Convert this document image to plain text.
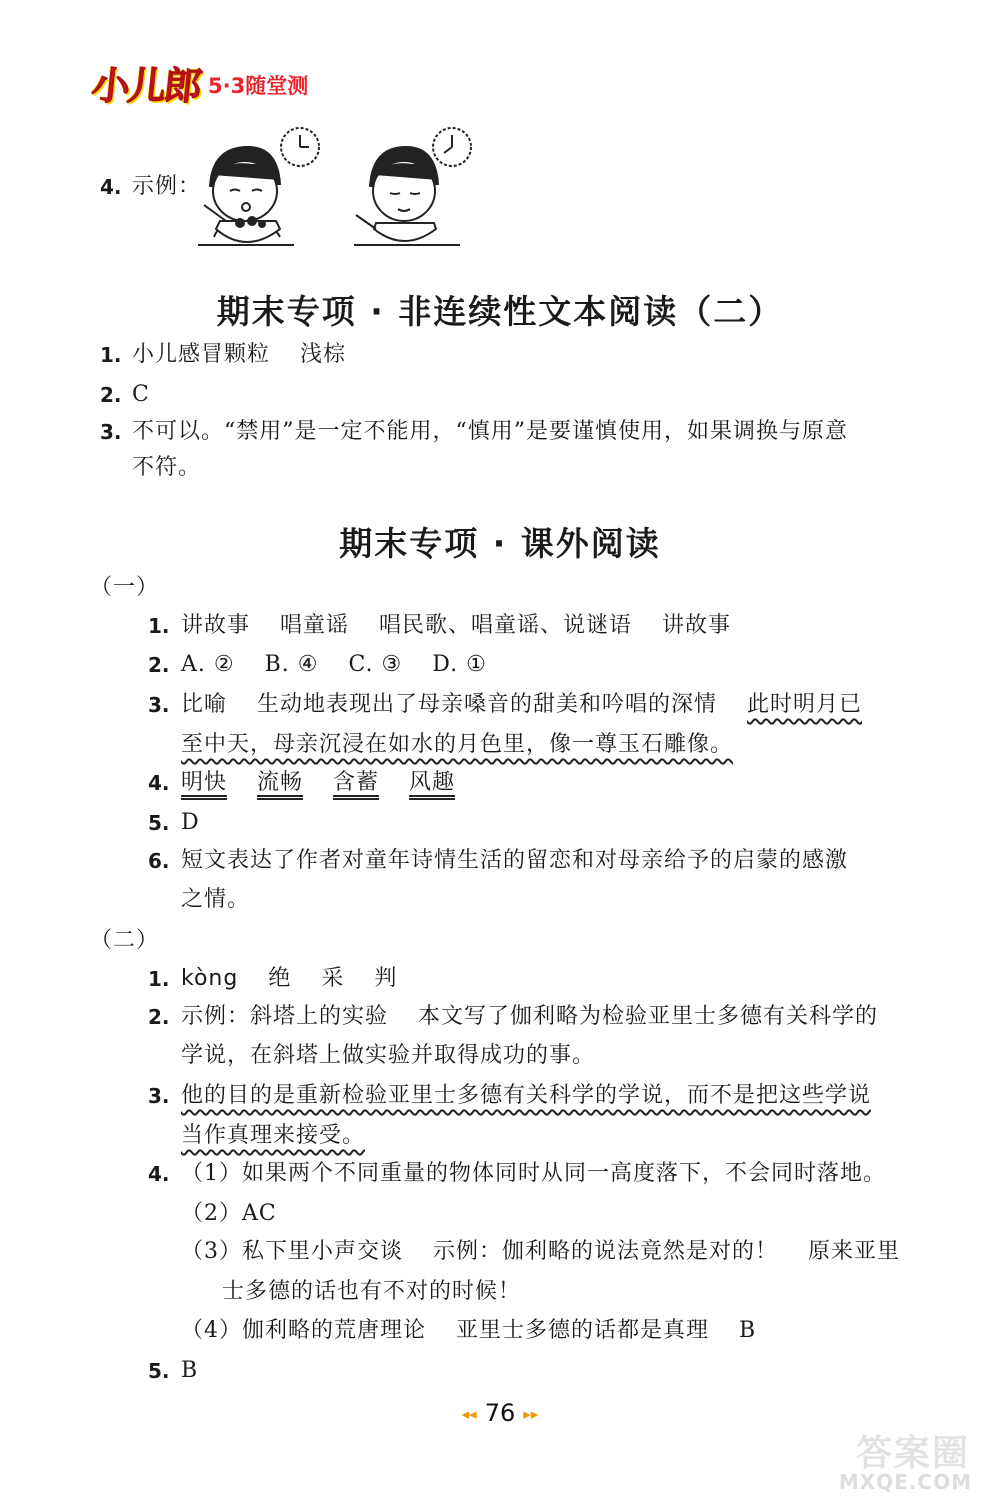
小儿郎 5·3随堂测
4. 示例：
期末专项 · 非连续性文本阅读（二）
1. 小儿感冒颗粒 浅棕
2. C
3. 不可以。“禁用”是一定不能用，“慎用”是要谨慎使用，如果调换与原意
不符。
期末专项 · 课外阅读
（一）
1. 讲故事 唱童谣 唱民歌、唱童谣、说谜语 讲故事
2. A. ② B. ④ C. ③ D. ①
3. 比喻 生动地表现出了母亲嗓音的甜美和吟唱的深情 此时明月已
至中天，母亲沉浸在如水的月色里，像一尊玉石雕像。
4. 明快 流畅 含蓄 风趣
5. D
6. 短文表达了作者对童年诗情生活的留恋和对母亲给予的启蒙的感激
之情。
（二）
1. kòng 绝 采 判
2. 示例：斜塔上的实验 本文写了伽利略为检验亚里士多德有关科学的
学说，在斜塔上做实验并取得成功的事。
3. 他的目的是重新检验亚里士多德有关科学的学说，而不是把这些学说
当作真理来接受。
4. （1）如果两个不同重量的物体同时从同一高度落下，不会同时落地。
（2）AC
（3）私下里小声交谈 示例：伽利略的说法竟然是对的！ 原来亚里
士多德的话也有不对的时候！
（4）伽利略的荒唐理论 亚里士多德的话都是真理 B
5. B
◂◂ 76 ▸▸
答案圈
MXQE.COM
